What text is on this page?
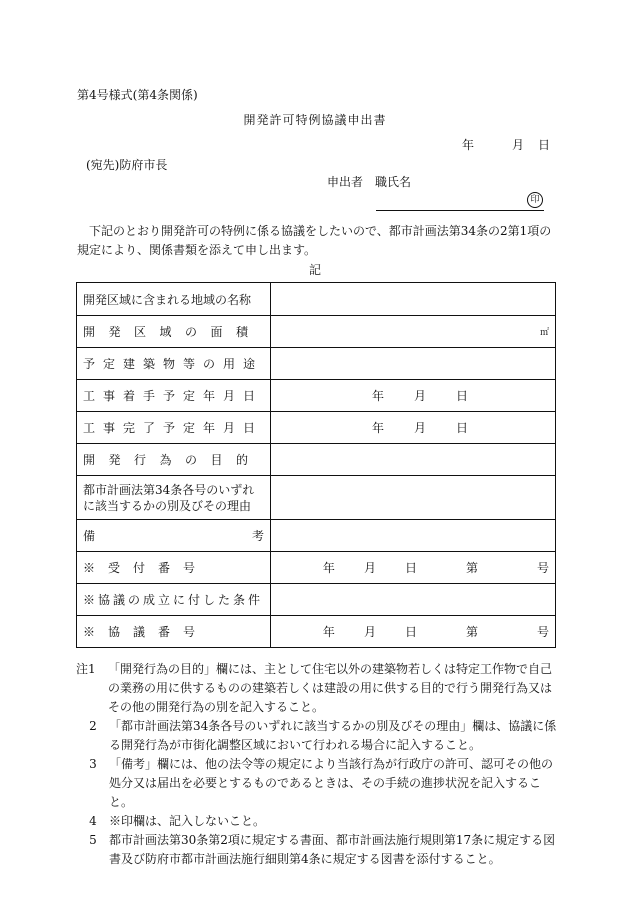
第4号様式(第4条関係)
開発許可特例協議申出書
年	月 日
(宛先)防府市長
申出者 職氏名
印
下記のとおり開発許可の特例に係る協議をしたいので、都市計画法第34条の2第1項の規定により、関係書類を添えて申し出ます。
記
開発区域に含まれる地域の名称	

開発区域の面積	㎡

予定建築物等の用途	

工事着手予定年月日	年 月 日

工事完了予定年月日	年 月 日

開発行為の目的	

都市計画法第34条各号のいずれに該当するかの別及びその理由	

備 考	

※受付番号	年 月 日 第 号

※協議の成立に付した条件	

※協議番号	年 月 日 第 号
注1	「開発行為の目的」欄には、主として住宅以外の建築物若しくは特定工作物で自己の業務の用に供するものの建築若しくは建設の用に供する目的で行う開発行為又はその他の開発行為の別を記入すること。
2	「都市計画法第34条各号のいずれに該当するかの別及びその理由」欄は、協議に係る開発行為が市街化調整区域において行われる場合に記入すること。
3	「備考」欄には、他の法令等の規定により当該行為が行政庁の許可、認可その他の処分又は届出を必要とするものであるときは、その手続の進捗状況を記入すること。
4	※印欄は、記入しないこと。
5	都市計画法第30条第2項に規定する書面、都市計画法施行規則第17条に規定する図書及び防府市都市計画法施行細則第4条に規定する図書を添付すること。
